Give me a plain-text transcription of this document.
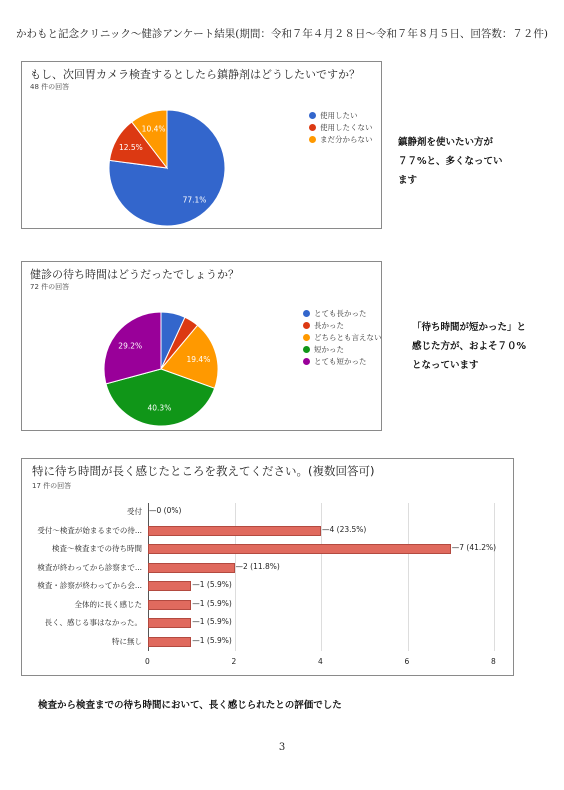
かわもと記念クリニック～健診アンケート結果(期間：令和７年４月２８日～令和７年８月５日、回答数：７２件)
もし、次回胃カメラ検査するとしたら鎮静剤はどうしたいですか？
48 件の回答
77.1%
12.5%
10.4%
使用したい
使用したくない
まだ分からない	鎮静剤を使いたい方が
７７%と、多くなってい
ます
健診の待ち時間はどうだったでしょうか？
72 件の回答
19.4%
40.3%
29.2%
とても長かった
長かった
どちらとも言えない
短かった
とても短かった
「待ち時間が短かった」と
感じた方が、およそ７０%
となっています
特に待ち時間が長く感じたところを教えてください。(複数回答可)
17 件の回答
0	2	4	6	8
受付 —0 (0%)
受付～検査が始まるまでの待...	—4 (23.5%)
検査～検査までの待ち時間	—7 (41.2%)
検査が終わってから診察まで...	—2 (11.8%)
検査・診察が終わってから会...	—1 (5.9%)
全体的に長く感じた	—1 (5.9%)
長く、感じる事はなかった。	—1 (5.9%)
特に無し	—1 (5.9%)
検査から検査までの待ち時間において、長く感じられたとの評価でした
3
